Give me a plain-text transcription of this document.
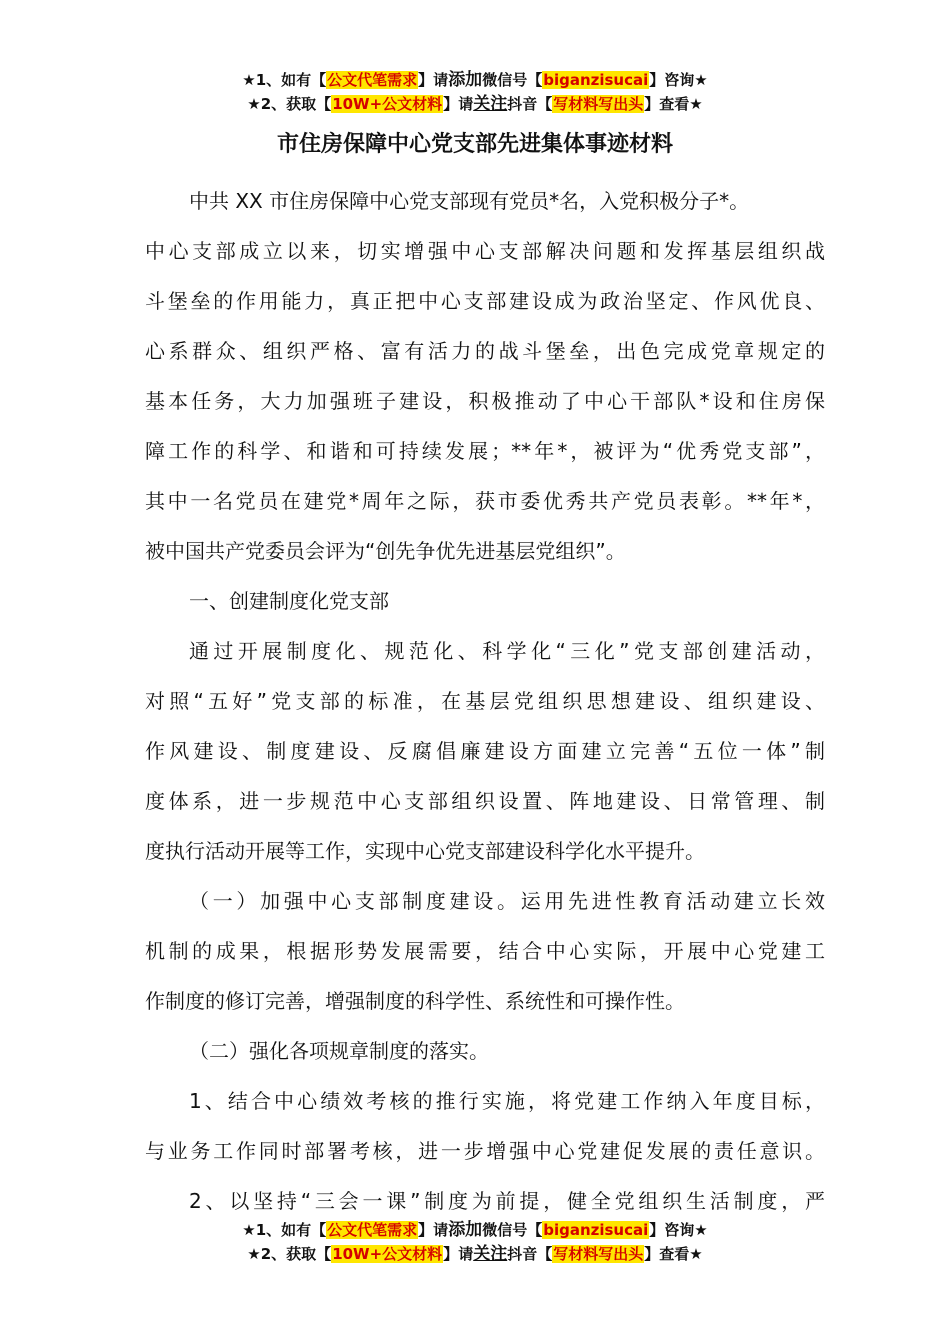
★1、如有【公文代笔需求】请添加微信号【biganzisucai】咨询★
★2、获取【10W+公文材料】请关注抖音【写材料写出头】查看★
市住房保障中心党支部先进集体事迹材料
中共 XX 市住房保障中心党支部现有党员*名，入党积极分子*。
中心支部成立以来，切实增强中心支部解决问题和发挥基层组织战
斗堡垒的作用能力，真正把中心支部建设成为政治坚定、作风优良、
心系群众、组织严格、富有活力的战斗堡垒，出色完成党章规定的
基本任务，大力加强班子建设，积极推动了中心干部队*设和住房保
障工作的科学、和谐和可持续发展；**年*，被评为“优秀党支部”，
其中一名党员在建党*周年之际，获市委优秀共产党员表彰。**年*，
被中国共产党委员会评为“创先争优先进基层党组织”。
一、创建制度化党支部
通过开展制度化、规范化、科学化“三化”党支部创建活动，
对照“五好”党支部的标准，在基层党组织思想建设、组织建设、
作风建设、制度建设、反腐倡廉建设方面建立完善“五位一体”制
度体系，进一步规范中心支部组织设置、阵地建设、日常管理、制
度执行活动开展等工作，实现中心党支部建设科学化水平提升。
（一）加强中心支部制度建设。运用先进性教育活动建立长效
机制的成果，根据形势发展需要，结合中心实际，开展中心党建工
作制度的修订完善，增强制度的科学性、系统性和可操作性。
（二）强化各项规章制度的落实。
1、结合中心绩效考核的推行实施，将党建工作纳入年度目标，
与业务工作同时部署考核，进一步增强中心党建促发展的责任意识。
2、以坚持“三会一课”制度为前提，健全党组织生活制度，严
★1、如有【公文代笔需求】请添加微信号【biganzisucai】咨询★
★2、获取【10W+公文材料】请关注抖音【写材料写出头】查看★
